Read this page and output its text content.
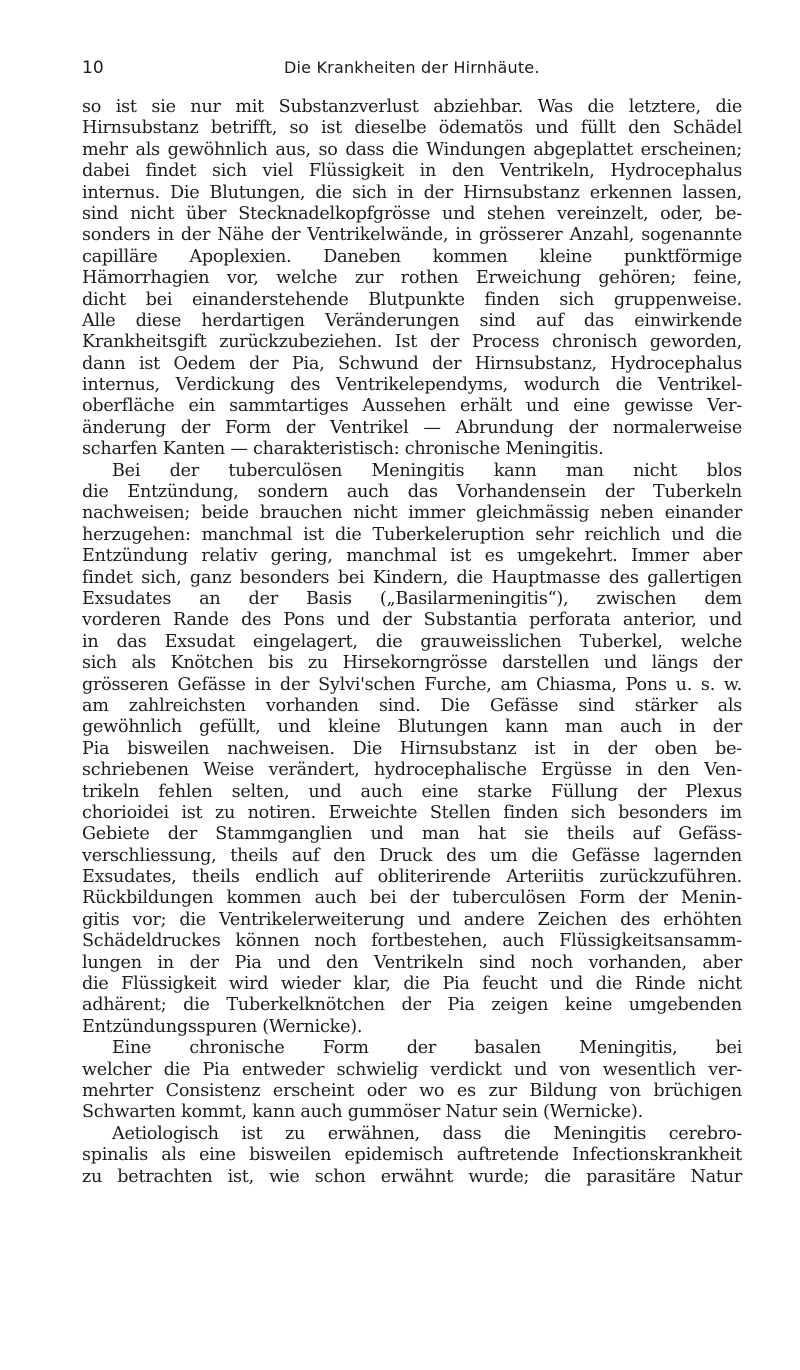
10	Die Krankheiten der Hirnhäute.
so ist sie nur mit Substanzverlust abziehbar. Was die letztere, die
Hirnsubstanz betrifft, so ist dieselbe ödematös und füllt den Schädel
mehr als gewöhnlich aus, so dass die Windungen abgeplattet erscheinen;
dabei findet sich viel Flüssigkeit in den Ventrikeln, Hydrocephalus
internus. Die Blutungen, die sich in der Hirnsubstanz erkennen lassen,
sind nicht über Stecknadelkopfgrösse und stehen vereinzelt, oder, be-
sonders in der Nähe der Ventrikelwände, in grösserer Anzahl, sogenannte
capilläre Apoplexien. Daneben kommen kleine punktförmige
Hämorrhagien vor, welche zur rothen Erweichung gehören; feine,
dicht bei einanderstehende Blutpunkte finden sich gruppenweise.
Alle diese herdartigen Veränderungen sind auf das einwirkende
Krankheitsgift zurückzubeziehen. Ist der Process chronisch geworden,
dann ist Oedem der Pia, Schwund der Hirnsubstanz, Hydrocephalus
internus, Verdickung des Ventrikelependyms, wodurch die Ventrikel-
oberfläche ein sammtartiges Aussehen erhält und eine gewisse Ver-
änderung der Form der Ventrikel — Abrundung der normalerweise
scharfen Kanten — charakteristisch: chronische Meningitis.
Bei der tuberculösen Meningitis kann man nicht blos
die Entzündung, sondern auch das Vorhandensein der Tuberkeln
nachweisen; beide brauchen nicht immer gleichmässig neben einander
herzugehen: manchmal ist die Tuberkeleruption sehr reichlich und die
Entzündung relativ gering, manchmal ist es umgekehrt. Immer aber
findet sich, ganz besonders bei Kindern, die Hauptmasse des gallertigen
Exsudates an der Basis („Basilarmeningitis“), zwischen dem
vorderen Rande des Pons und der Substantia perforata anterior, und
in das Exsudat eingelagert, die grauweisslichen Tuberkel, welche
sich als Knötchen bis zu Hirsekorngrösse darstellen und längs der
grösseren Gefässe in der Sylvi'schen Furche, am Chiasma, Pons u. s. w.
am zahlreichsten vorhanden sind. Die Gefässe sind stärker als
gewöhnlich gefüllt, und kleine Blutungen kann man auch in der
Pia bisweilen nachweisen. Die Hirnsubstanz ist in der oben be-
schriebenen Weise verändert, hydrocephalische Ergüsse in den Ven-
trikeln fehlen selten, und auch eine starke Füllung der Plexus
chorioidei ist zu notiren. Erweichte Stellen finden sich besonders im
Gebiete der Stammganglien und man hat sie theils auf Gefäss-
verschliessung, theils auf den Druck des um die Gefässe lagernden
Exsudates, theils endlich auf obliterirende Arteriitis zurückzuführen.
Rückbildungen kommen auch bei der tuberculösen Form der Menin-
gitis vor; die Ventrikelerweiterung und andere Zeichen des erhöhten
Schädeldruckes können noch fortbestehen, auch Flüssigkeitsansamm-
lungen in der Pia und den Ventrikeln sind noch vorhanden, aber
die Flüssigkeit wird wieder klar, die Pia feucht und die Rinde nicht
adhärent; die Tuberkelknötchen der Pia zeigen keine umgebenden
Entzündungsspuren (Wernicke).
Eine chronische Form der basalen Meningitis, bei
welcher die Pia entweder schwielig verdickt und von wesentlich ver-
mehrter Consistenz erscheint oder wo es zur Bildung von brüchigen
Schwarten kommt, kann auch gummöser Natur sein (Wernicke).
Aetiologisch ist zu erwähnen, dass die Meningitis cerebro-
spinalis als eine bisweilen epidemisch auftretende Infectionskrankheit
zu betrachten ist, wie schon erwähnt wurde; die parasitäre Natur
